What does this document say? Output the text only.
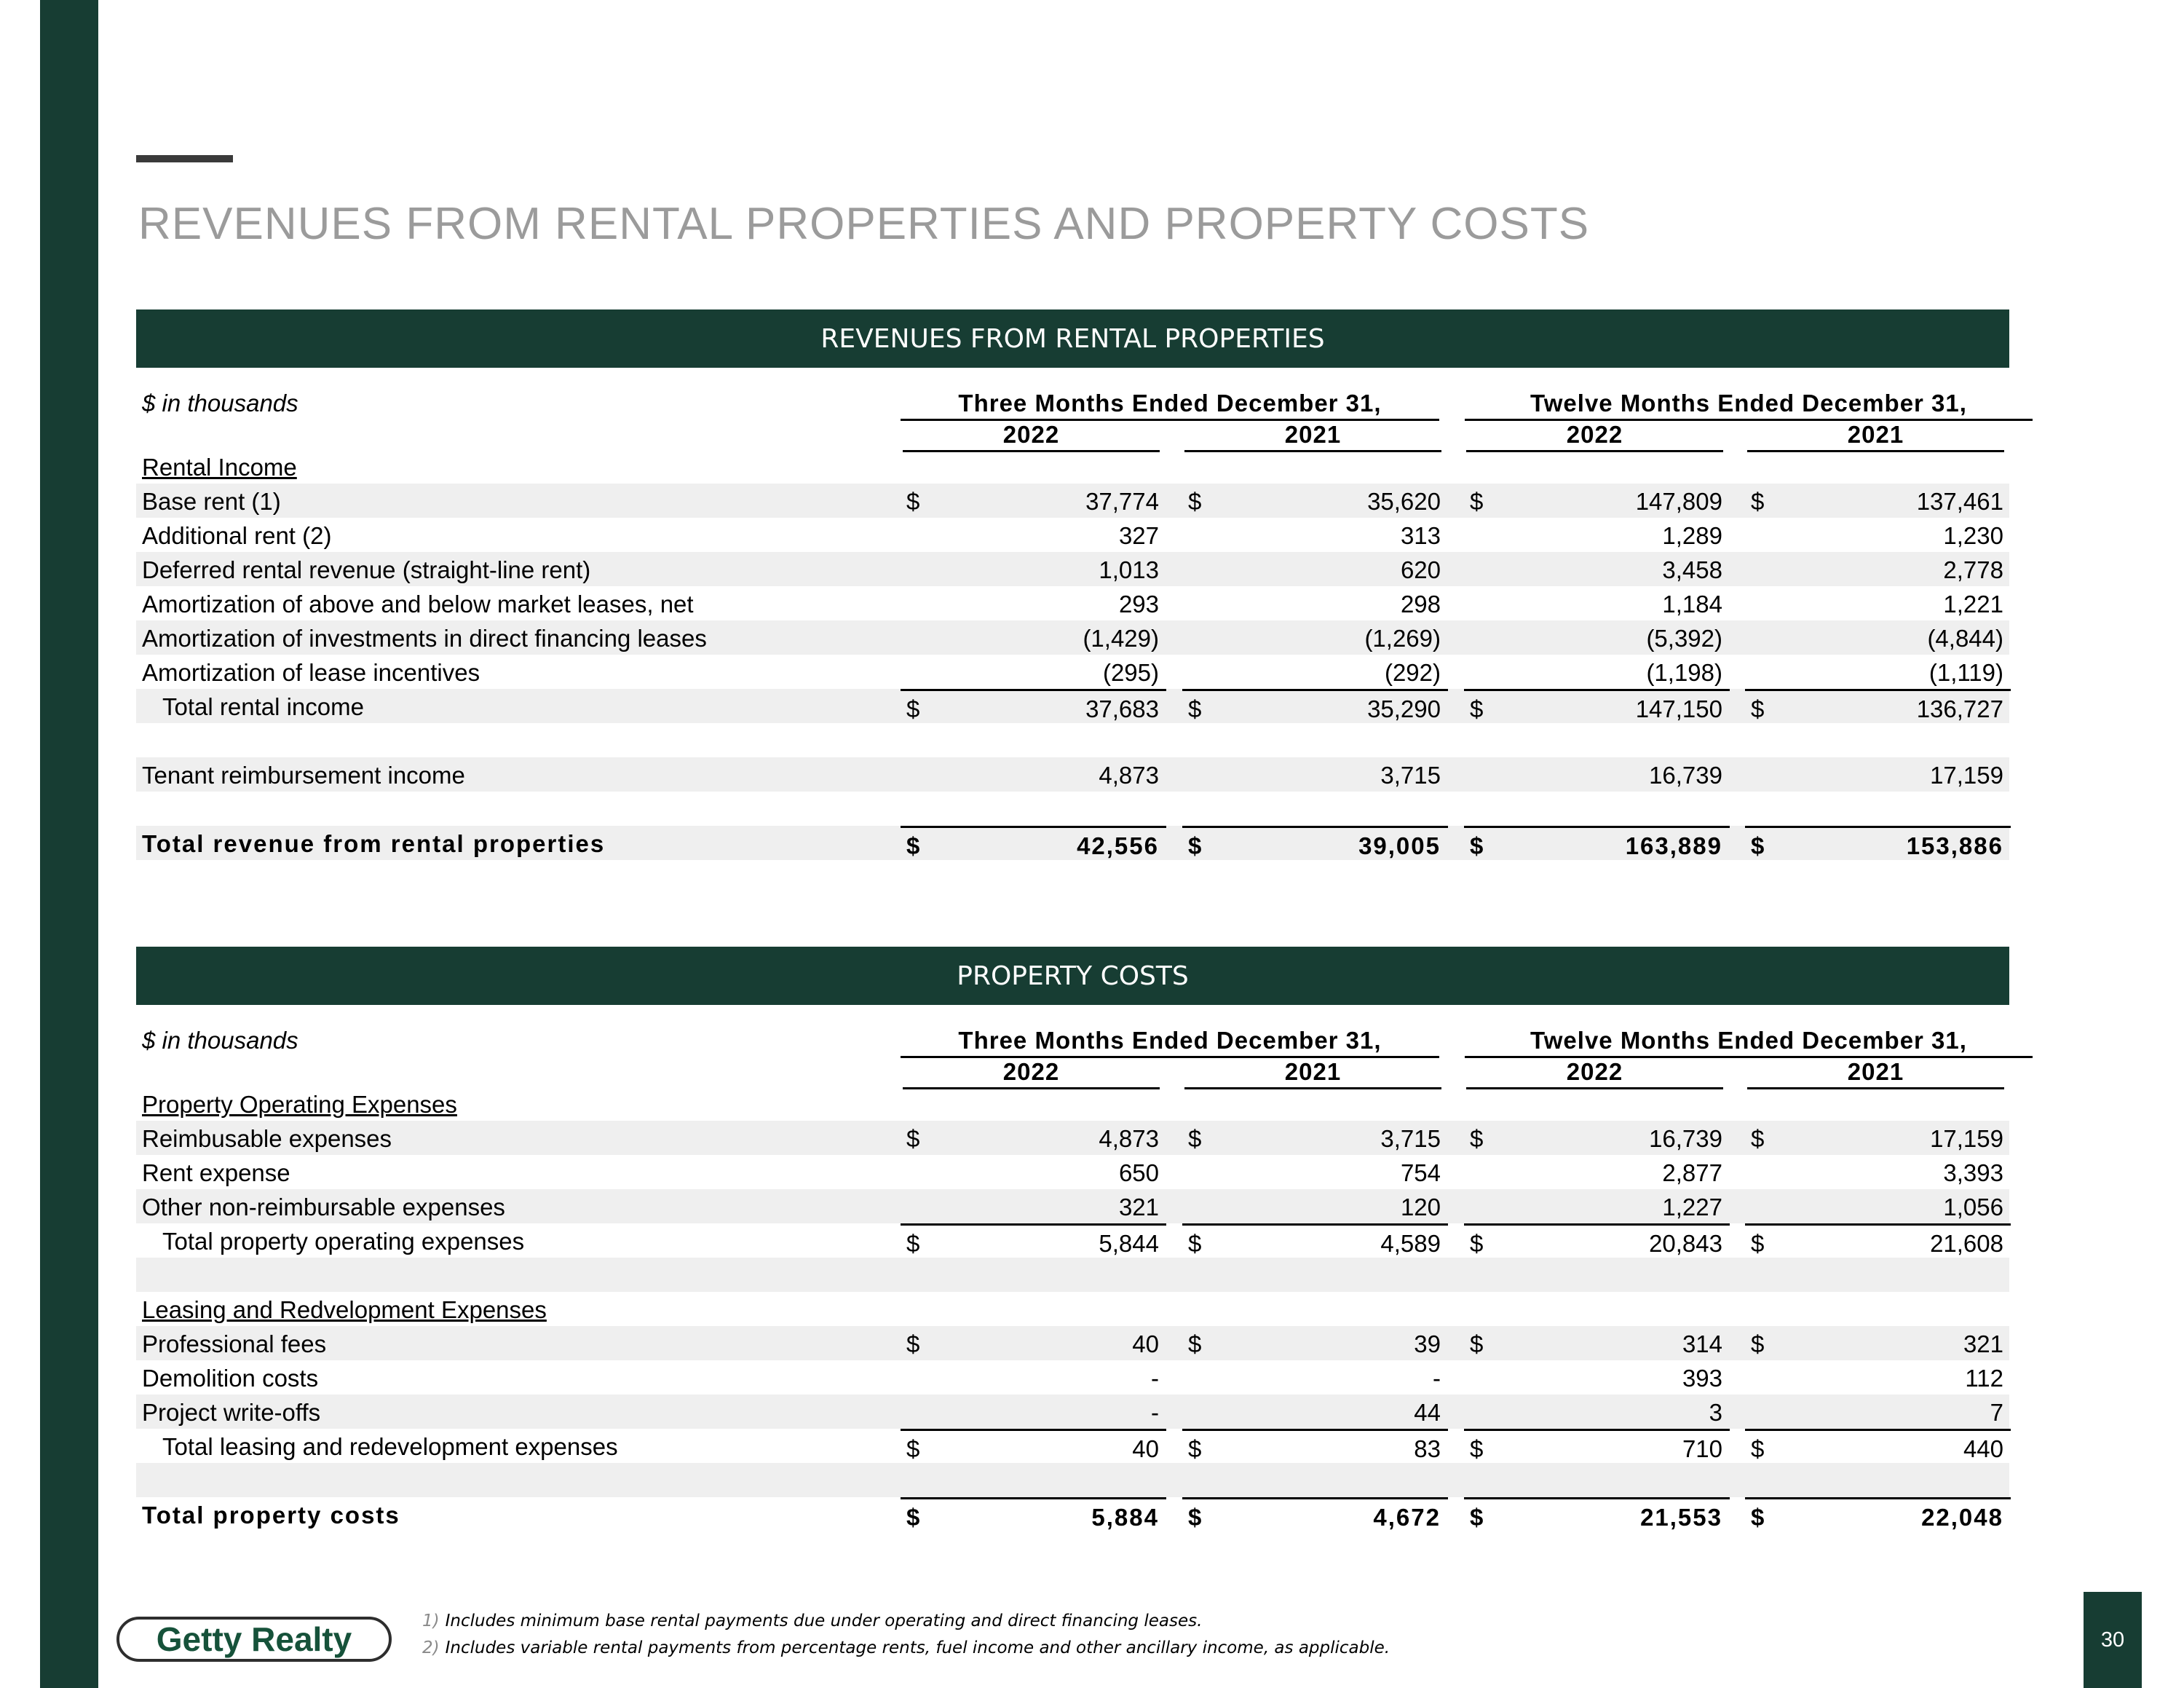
REVENUES FROM RENTAL PROPERTIES AND PROPERTY COSTS
REVENUES FROM RENTAL PROPERTIES
$ in thousands	Three Months Ended December 31,	Twelve Months Ended December 31,
2022	2021	2022	2021
Rental Income
Base rent (1)	$	37,774 $	35,620 $	147,809 $	137,461
Additional rent (2)	327	313	1,289	1,230
Deferred rental revenue (straight-line rent)	1,013	620	3,458	2,778
Amortization of above and below market leases, net	293	298	1,184	1,221
Amortization of investments in direct financing leases	(1,429)	(1,269)	(5,392)	(4,844)
Amortization of lease incentives	(295)	(292)	(1,198)	(1,119)
Total rental income	$	37,683 $	35,290 $	147,150 $	136,727
Tenant reimbursement income	4,873	3,715	16,739	17,159
Total revenue from rental properties	$	42,556 $	39,005 $	163,889 $	153,886
PROPERTY COSTS
$ in thousands	Three Months Ended December 31,	Twelve Months Ended December 31,
2022	2021	2022	2021
Property Operating Expenses
Reimbusable expenses	$	4,873 $	3,715 $	16,739 $	17,159
Rent expense	650	754	2,877	3,393
Other non-reimbursable expenses	321	120	1,227	1,056
Total property operating expenses	$	5,844 $	4,589 $	20,843 $	21,608
Leasing and Redvelopment Expenses
Professional fees	$	40 $	39 $	314 $	321
Demolition costs	-	-	393	112
Project write-offs	-	44	3	7
Total leasing and redevelopment expenses	$	40 $	83 $	710 $	440
Total property costs	$	5,884 $	4,672 $	21,553 $	22,048
Getty Realty	1) Includes minimum base rental payments due under operating and direct financing leases.
2) Includes variable rental payments from percentage rents, fuel income and other ancillary income, as applicable.	30
